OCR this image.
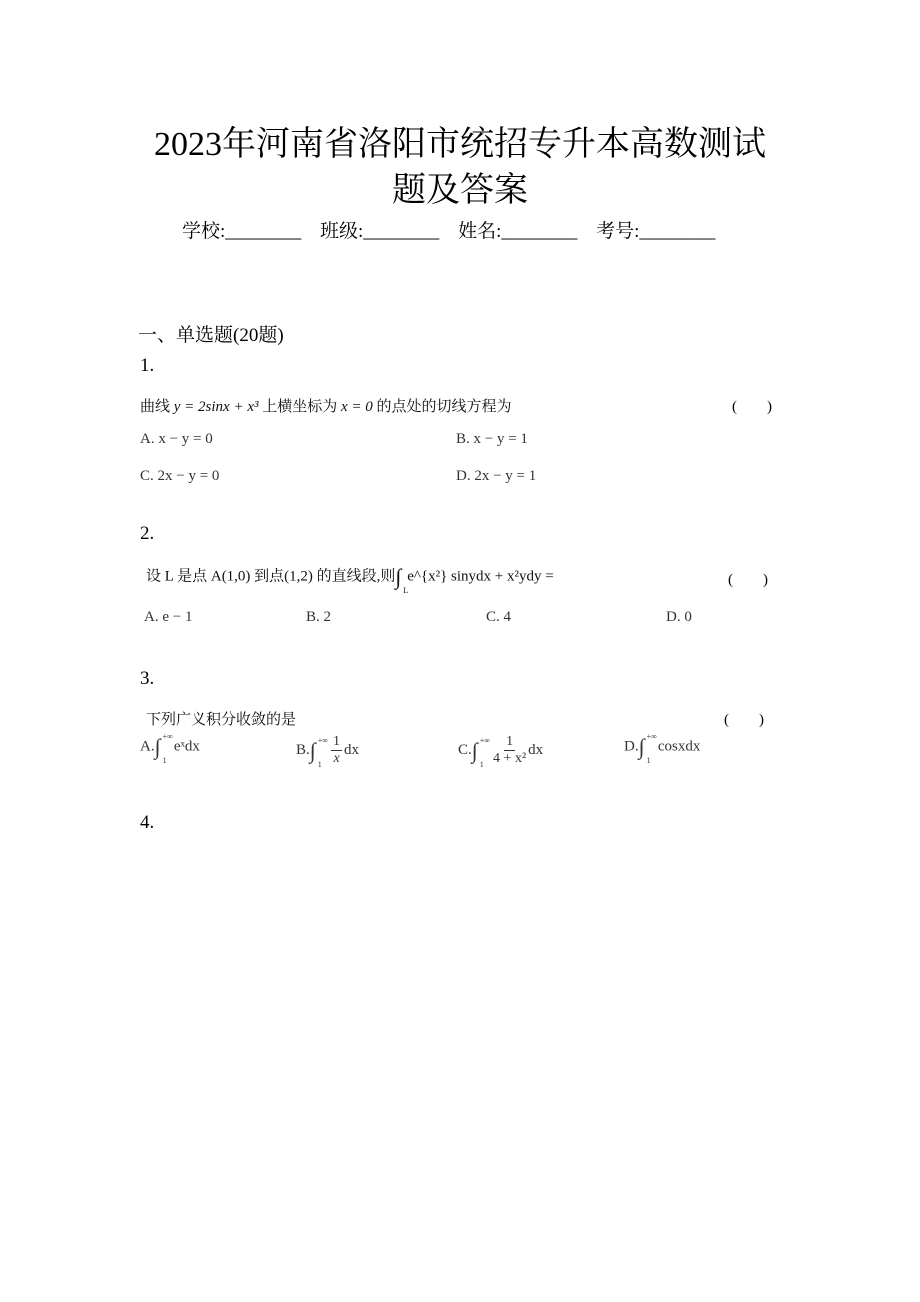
2023年河南省洛阳市统招专升本高数测试
题及答案
学校:________ 班级:________ 姓名:________ 考号:________
一、单选题(20题)
1.
曲线 y = 2sinx + x³ 上横坐标为 x = 0 的点处的切线方程为	(　　)
A. x − y = 0	B. x − y = 1
C. 2x − y = 0	D. 2x − y = 1
2.
设 L 是点 A(1,0) 到点(1,2) 的直线段,则∫
L
e^{x²} sinydx + x²ydy =	(　　)
A. e − 1	B. 2	C. 4	D. 0
3.
下列广义积分收敛的是	(　　)
A.∫ +∞
1
eˣdx	B.∫ +∞
1
$\frac{1}{x}$ dx	C.∫ +∞
1
$\frac{1}{\text{4 + x²}}$ dx	D.∫ +∞
1
cosxdx
4.
